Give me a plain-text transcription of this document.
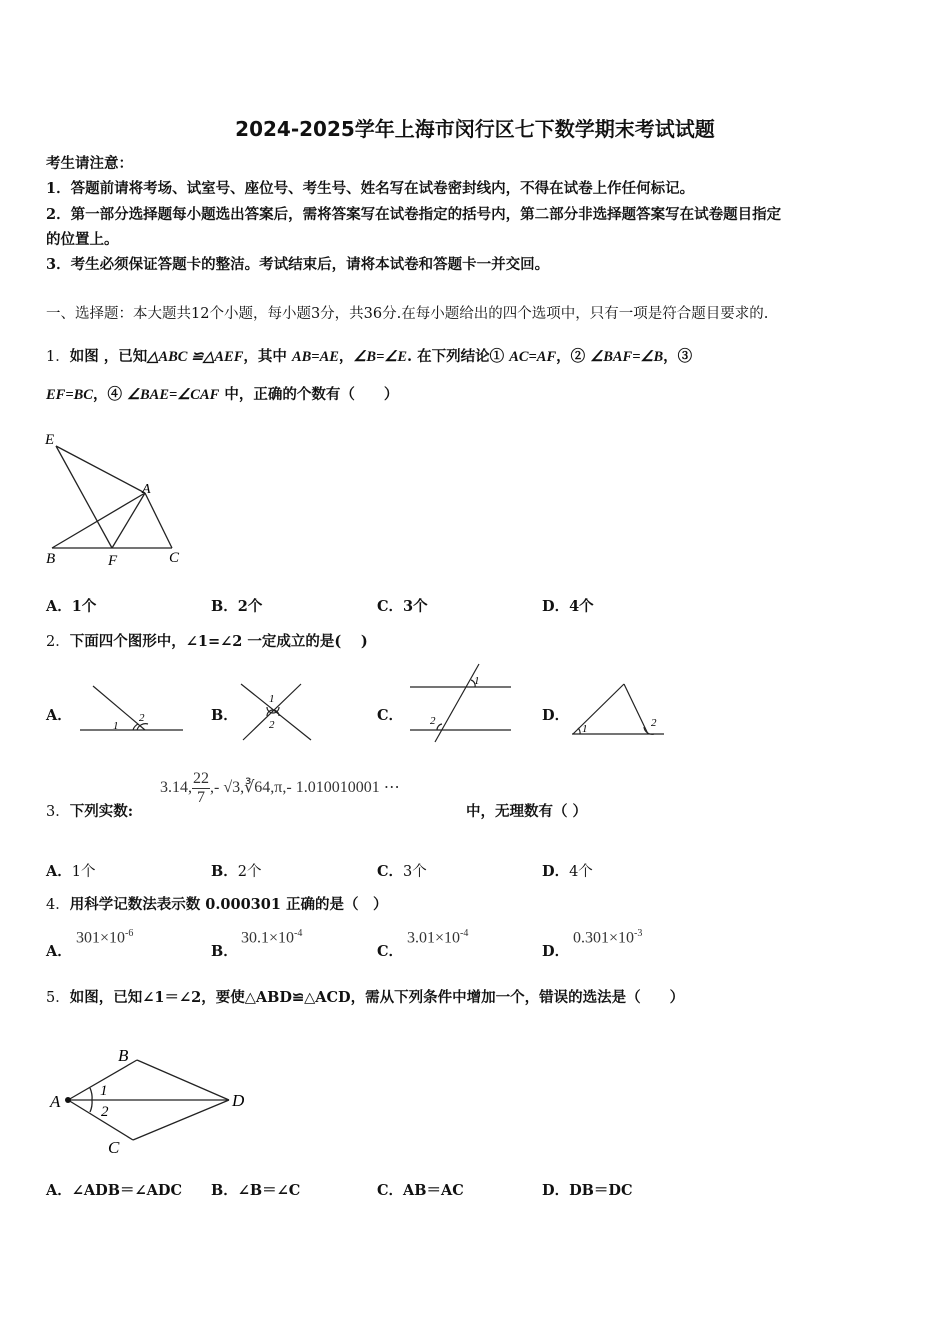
2024-2025学年上海市闵行区七下数学期末考试试题
考生请注意：
1．答题前请将考场、试室号、座位号、考生号、姓名写在试卷密封线内，不得在试卷上作任何标记。
2．第一部分选择题每小题选出答案后，需将答案写在试卷指定的括号内，第二部分非选择题答案写在试卷题目指定
的位置上。
3．考生必须保证答题卡的整洁。考试结束后，请将本试卷和答题卡一并交回。
一、选择题：本大题共12个小题，每小题3分，共36分.在每小题给出的四个选项中，只有一项是符合题目要求的.
1．如图 ，已知△ABC ≌△AEF，其中 AB=AE，∠B=∠E. 在下列结论① AC=AF，② ∠BAF=∠B，③
EF=BC，④ ∠BAE=∠CAF 中，正确的个数有（　　）
E
A
B	F	C
A．1个	B．2个	C．3个	D．4个
2．下面四个图形中，∠1=∠2 一定成立的是(　 )
A．
1
2	B．
1
2
C．
1
2	D．
1	2
3．下列实数:
3.14, $\frac{22}{7}$ ,- √3,∛64,π,- 1.010010001 ⋯
中，无理数有（ ）
A．1个	B．2个	C．3个	D．4个
4．用科学记数法表示数 0.000301 正确的是（　）
A．
$301\times 10^{-6}$
B．
$30.1\times 10^{-4}$
C．
$3.01\times 10^{-4}$
D．
$0.301\times 10^{-3}$
5．如图，已知∠1＝∠2，要使△ABD≌△ACD，需从下列条件中增加一个，错误的选法是（　　）
A
B
C
D
1
2
A．∠ADB＝∠ADC B．∠B＝∠C	C．AB＝AC	D．DB＝DC
